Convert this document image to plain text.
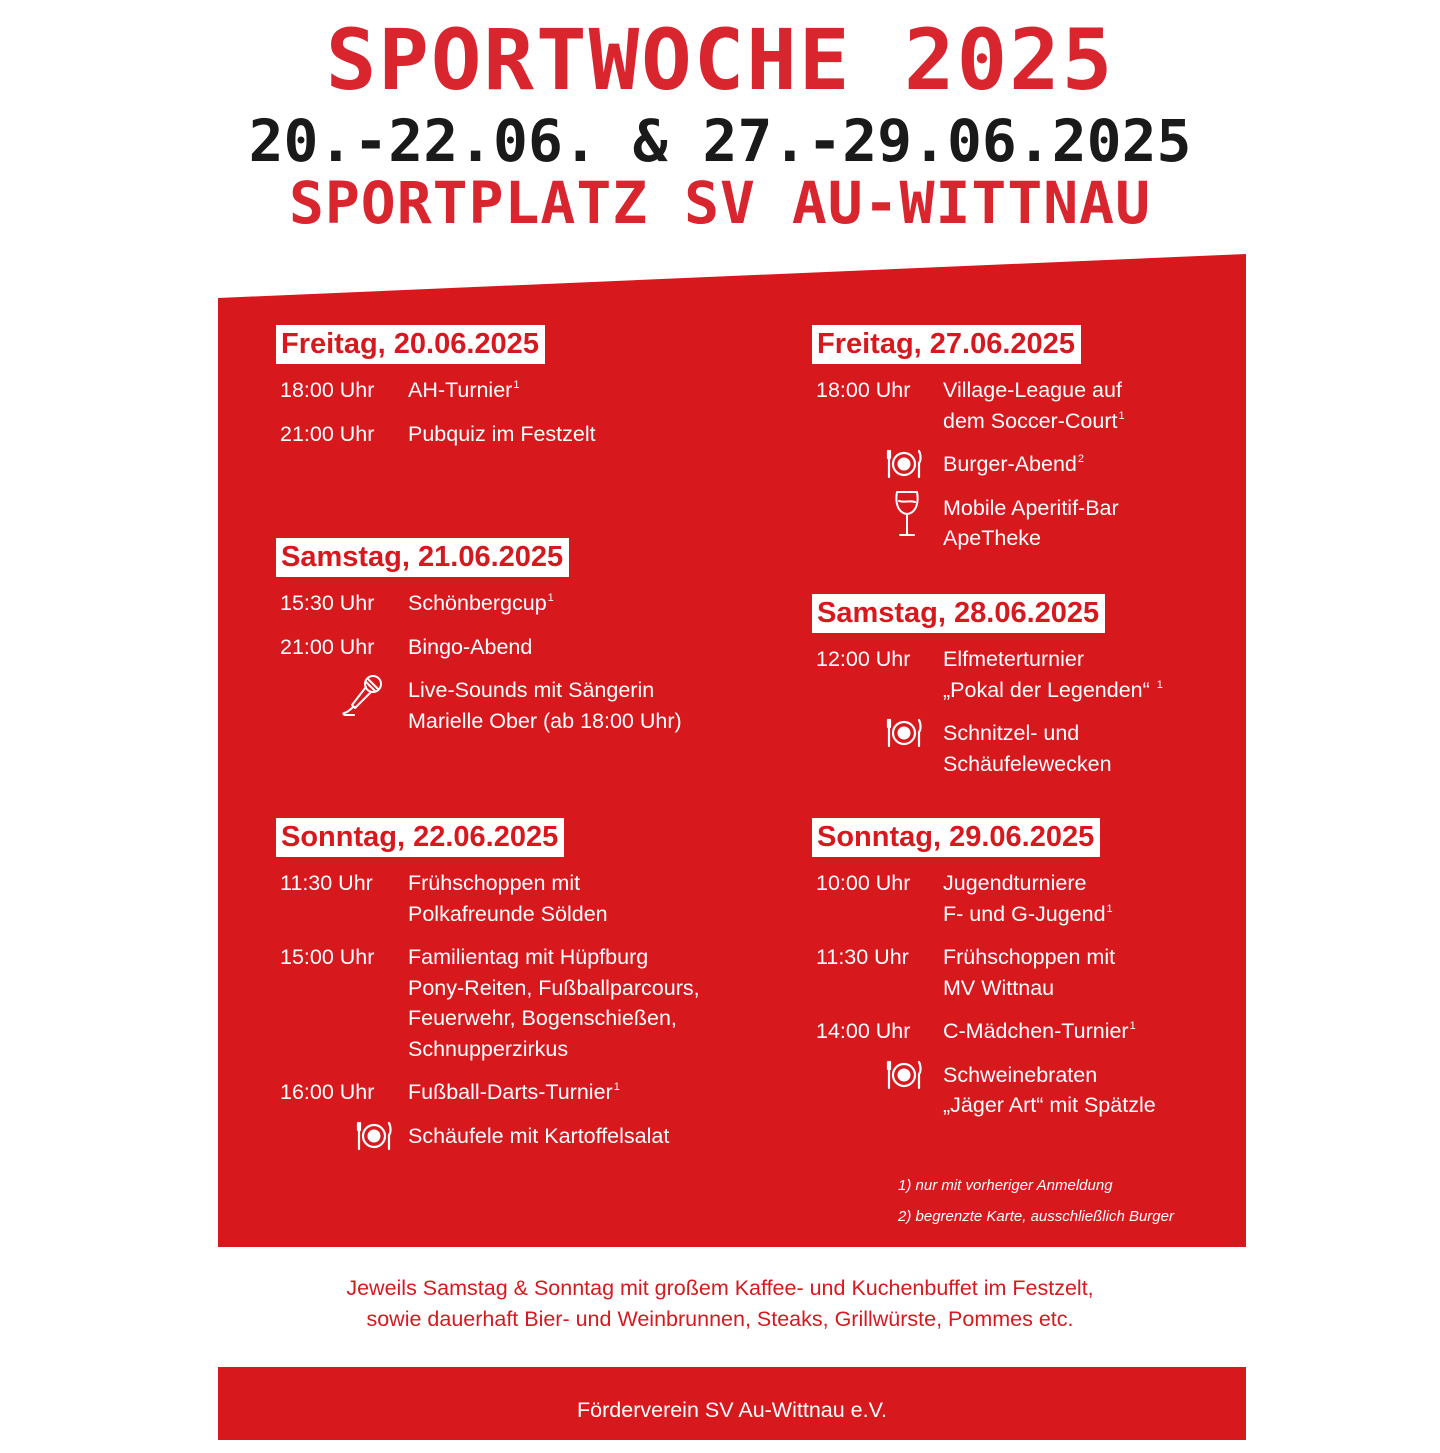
SPORTWOCHE 2025
20.-22.06. & 27.-29.06.2025
SPORTPLATZ SV AU-WITTNAU
Freitag, 20.06.2025
18:00 Uhr AH-Turnier$^1$
21:00 Uhr Pubquiz im Festzelt
Samstag, 21.06.2025
15:30 Uhr Schönbergcup$^1$
21:00 Uhr Bingo-Abend
Live-Sounds mit Sängerin
Marielle Ober (ab 18:00 Uhr)
Sonntag, 22.06.2025
11:30 Uhr Frühschoppen mit
Polkafreunde Sölden
15:00 Uhr Familientag mit Hüpfburg
Pony-Reiten, Fußballparcours,
Feuerwehr, Bogenschießen,
Schnupperzirkus
16:00 Uhr Fußball-Darts-Turnier$^1$
Schäufele mit Kartoffelsalat
Freitag, 27.06.2025
18:00 Uhr Village-League auf
dem Soccer-Court$^1$
Burger-Abend$^2$
Mobile Aperitif-Bar
ApeTheke
Samstag, 28.06.2025
12:00 Uhr Elfmeterturnier
„Pokal der Legenden“ $^1$
Schnitzel- und
Schäufelewecken
Sonntag, 29.06.2025
10:00 Uhr Jugendturniere
F- und G-Jugend$^1$
11:30 Uhr Frühschoppen mit
MV Wittnau
14:00 Uhr C-Mädchen-Turnier$^1$
Schweinebraten
„Jäger Art“ mit Spätzle
1) nur mit vorheriger Anmeldung
2) begrenzte Karte, ausschließlich Burger
Jeweils Samstag & Sonntag mit großem Kaffee- und Kuchenbuffet im Festzelt,
sowie dauerhaft Bier- und Weinbrunnen, Steaks, Grillwürste, Pommes etc.
Förderverein SV Au-Wittnau e.V.
